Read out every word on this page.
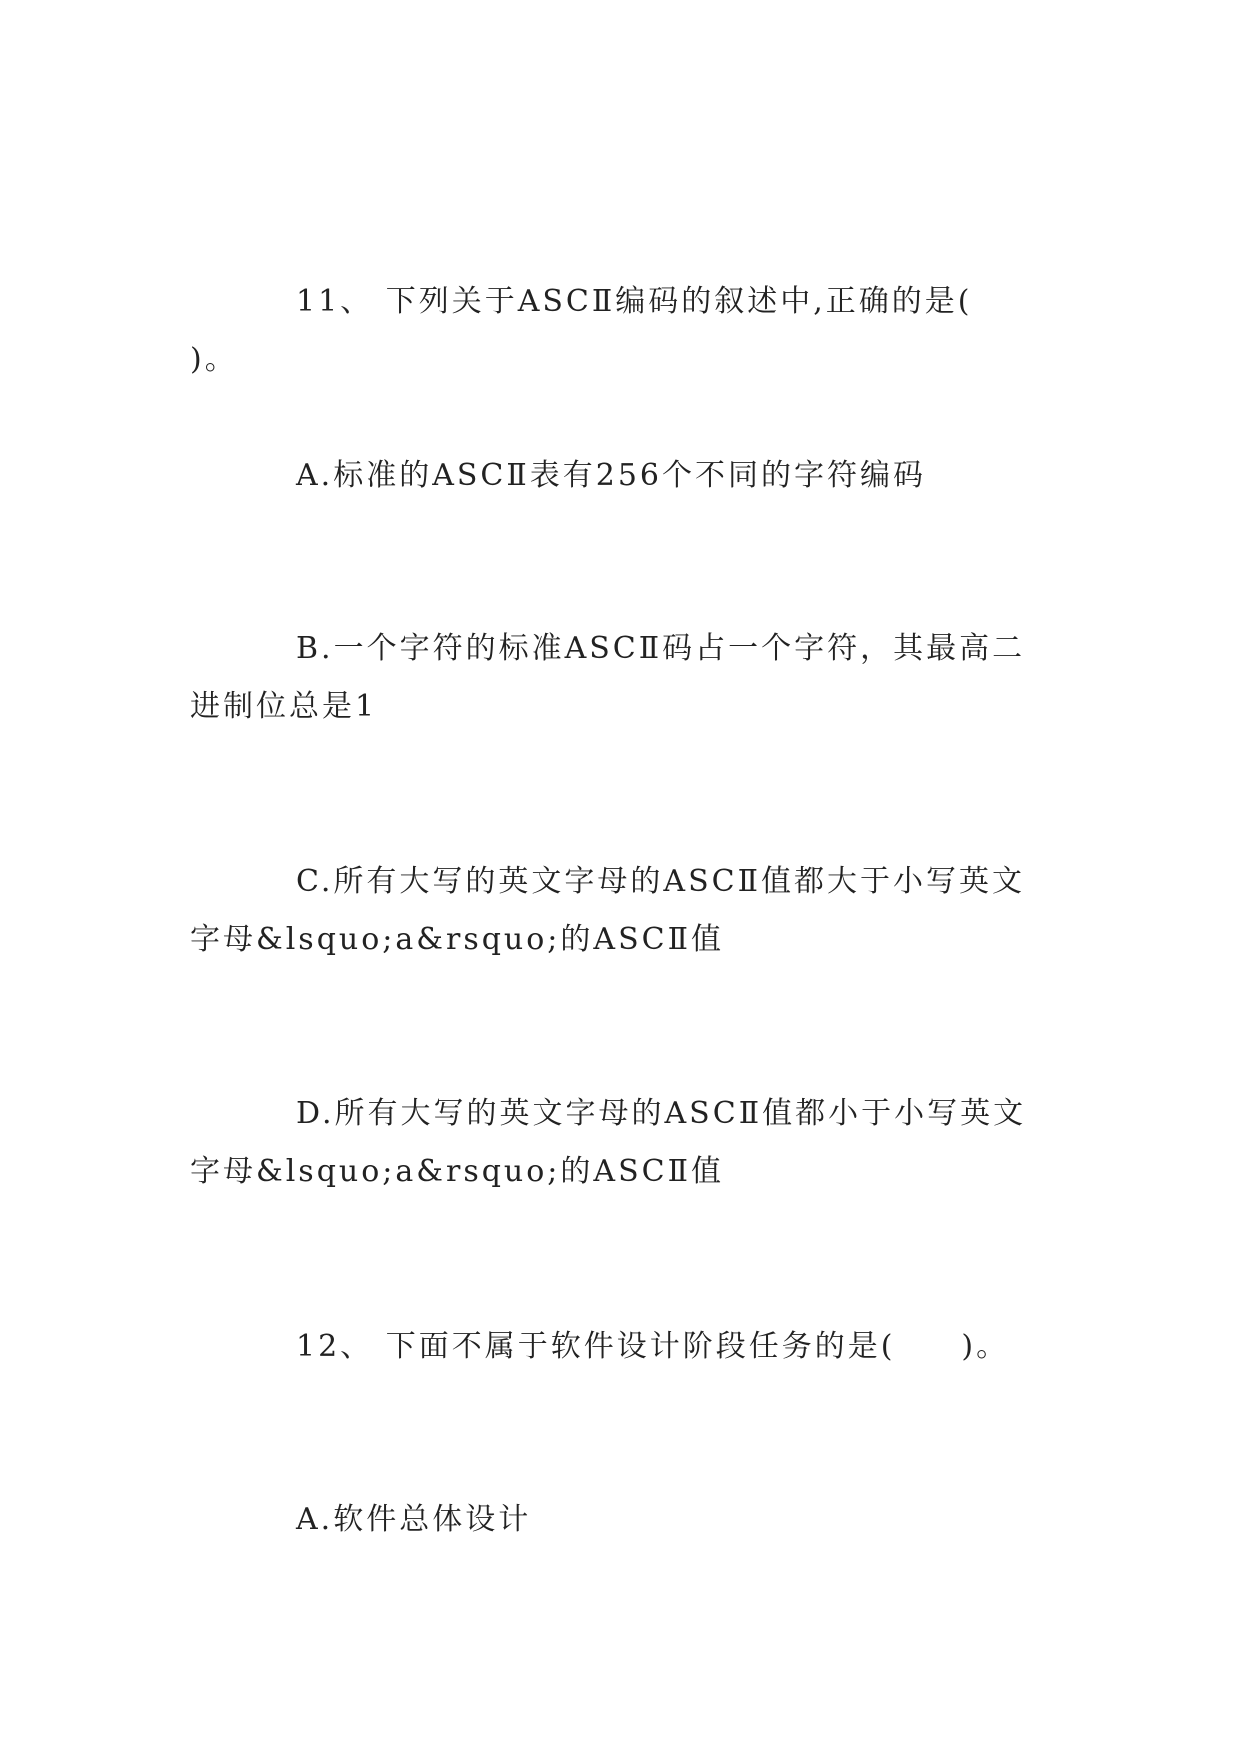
11、 下列关于ASCⅡ编码的叙述中,正确的是(　　)。

A.标准的ASCⅡ表有256个不同的字符编码

B.一个字符的标准ASCⅡ码占一个字符，其最高二进制位总是1

C.所有大写的英文字母的ASCⅡ值都大于小写英文字母&lsquo;a&rsquo;的ASCⅡ值

D.所有大写的英文字母的ASCⅡ值都小于小写英文字母&lsquo;a&rsquo;的ASCⅡ值

12、 下面不属于软件设计阶段任务的是(　　)。

A.软件总体设计
